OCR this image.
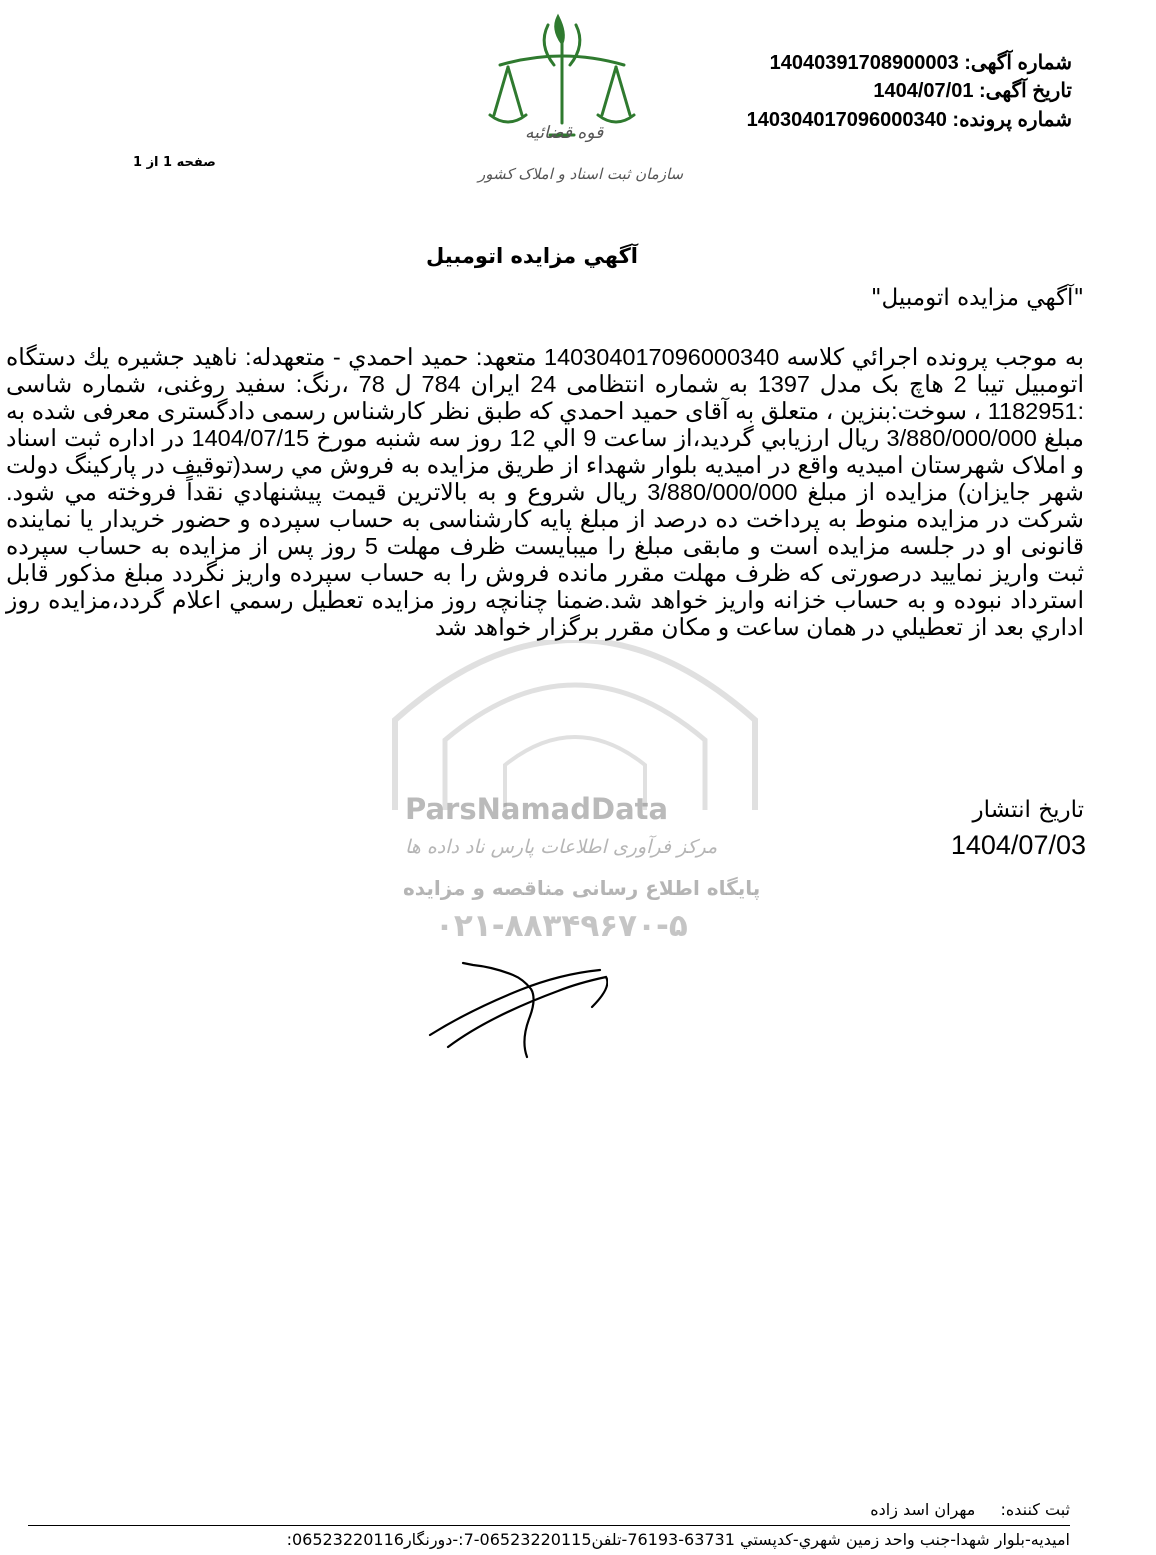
قوه قضائیه
سازمان ثبت اسناد و املاک کشور
شماره آگهی: 14040391708900003
تاریخ آگهی: 1404/07/01
شماره پرونده: 140304017096000340
صفحه 1 از 1
آگهي مزايده اتومبيل
"آگهي مزايده اتومبيل"
ParsNamadData
مرکز فرآوری اطلاعات پارس ناد داده ها
پایگاه اطلاع رسانی مناقصه و مزایده
۰۲۱-۸۸۳۴۹۶۷۰-۵
به موجب پرونده اجرائي كلاسه 140304017096000340 متعهد: حميد احمدي - متعهدله: ناهيد جشيره يك دستگاه اتومبيل تيبا 2 هاچ بک مدل 1397 به شماره انتظامی 24 ایران 784 ل 78 ،رنگ: سفید روغنی، شماره شاسی :1182951 ، سوخت:بنزین ، متعلق به آقای حميد احمدي كه طبق نظر كارشناس رسمی دادگستری معرفی شده به مبلغ 3/880/000/000 ريال ارزيابي گرديد،از ساعت 9 الي 12 روز سه شنبه مورخ 1404/07/15 در اداره ثبت اسناد و املاک شهرستان امیدیه واقع در امیدیه بلوار شهداء از طريق مزايده به فروش مي رسد(توقیف در پارکینگ دولت شهر جایزان) مزايده از مبلغ 3/880/000/000 ريال شروع و به بالاترين قيمت پيشنهادي نقداً فروخته مي شود. شرکت در مزايده منوط به پرداخت ده درصد از مبلغ پايه کارشناسی به حساب سپرده و حضور خريدار يا نماينده قانونی او در جلسه مزايده است و مابقی مبلغ را میبایست ظرف مهلت 5 روز پس از مزايده به حساب سپرده ثبت واريز نماييد درصورتی كه ظرف مهلت مقرر مانده فروش را به حساب سپرده واريز نگردد مبلغ مذكور قابل استرداد نبوده و به حساب خزانه واريز خواهد شد.ضمنا چنانچه روز مزايده تعطيل رسمي اعلام گردد،مزايده روز اداري بعد از تعطيلي در همان ساعت و مكان مقرر برگزار خواهد شد
تاریخ انتشار
1404/07/03
ثبت كننده: مهران اسد زاده
اميديه-بلوار شهدا-جنب واحد زمين شهري-كدپستي 63731-76193-تلفن06523220115-7:-دورنگار06523220116:
